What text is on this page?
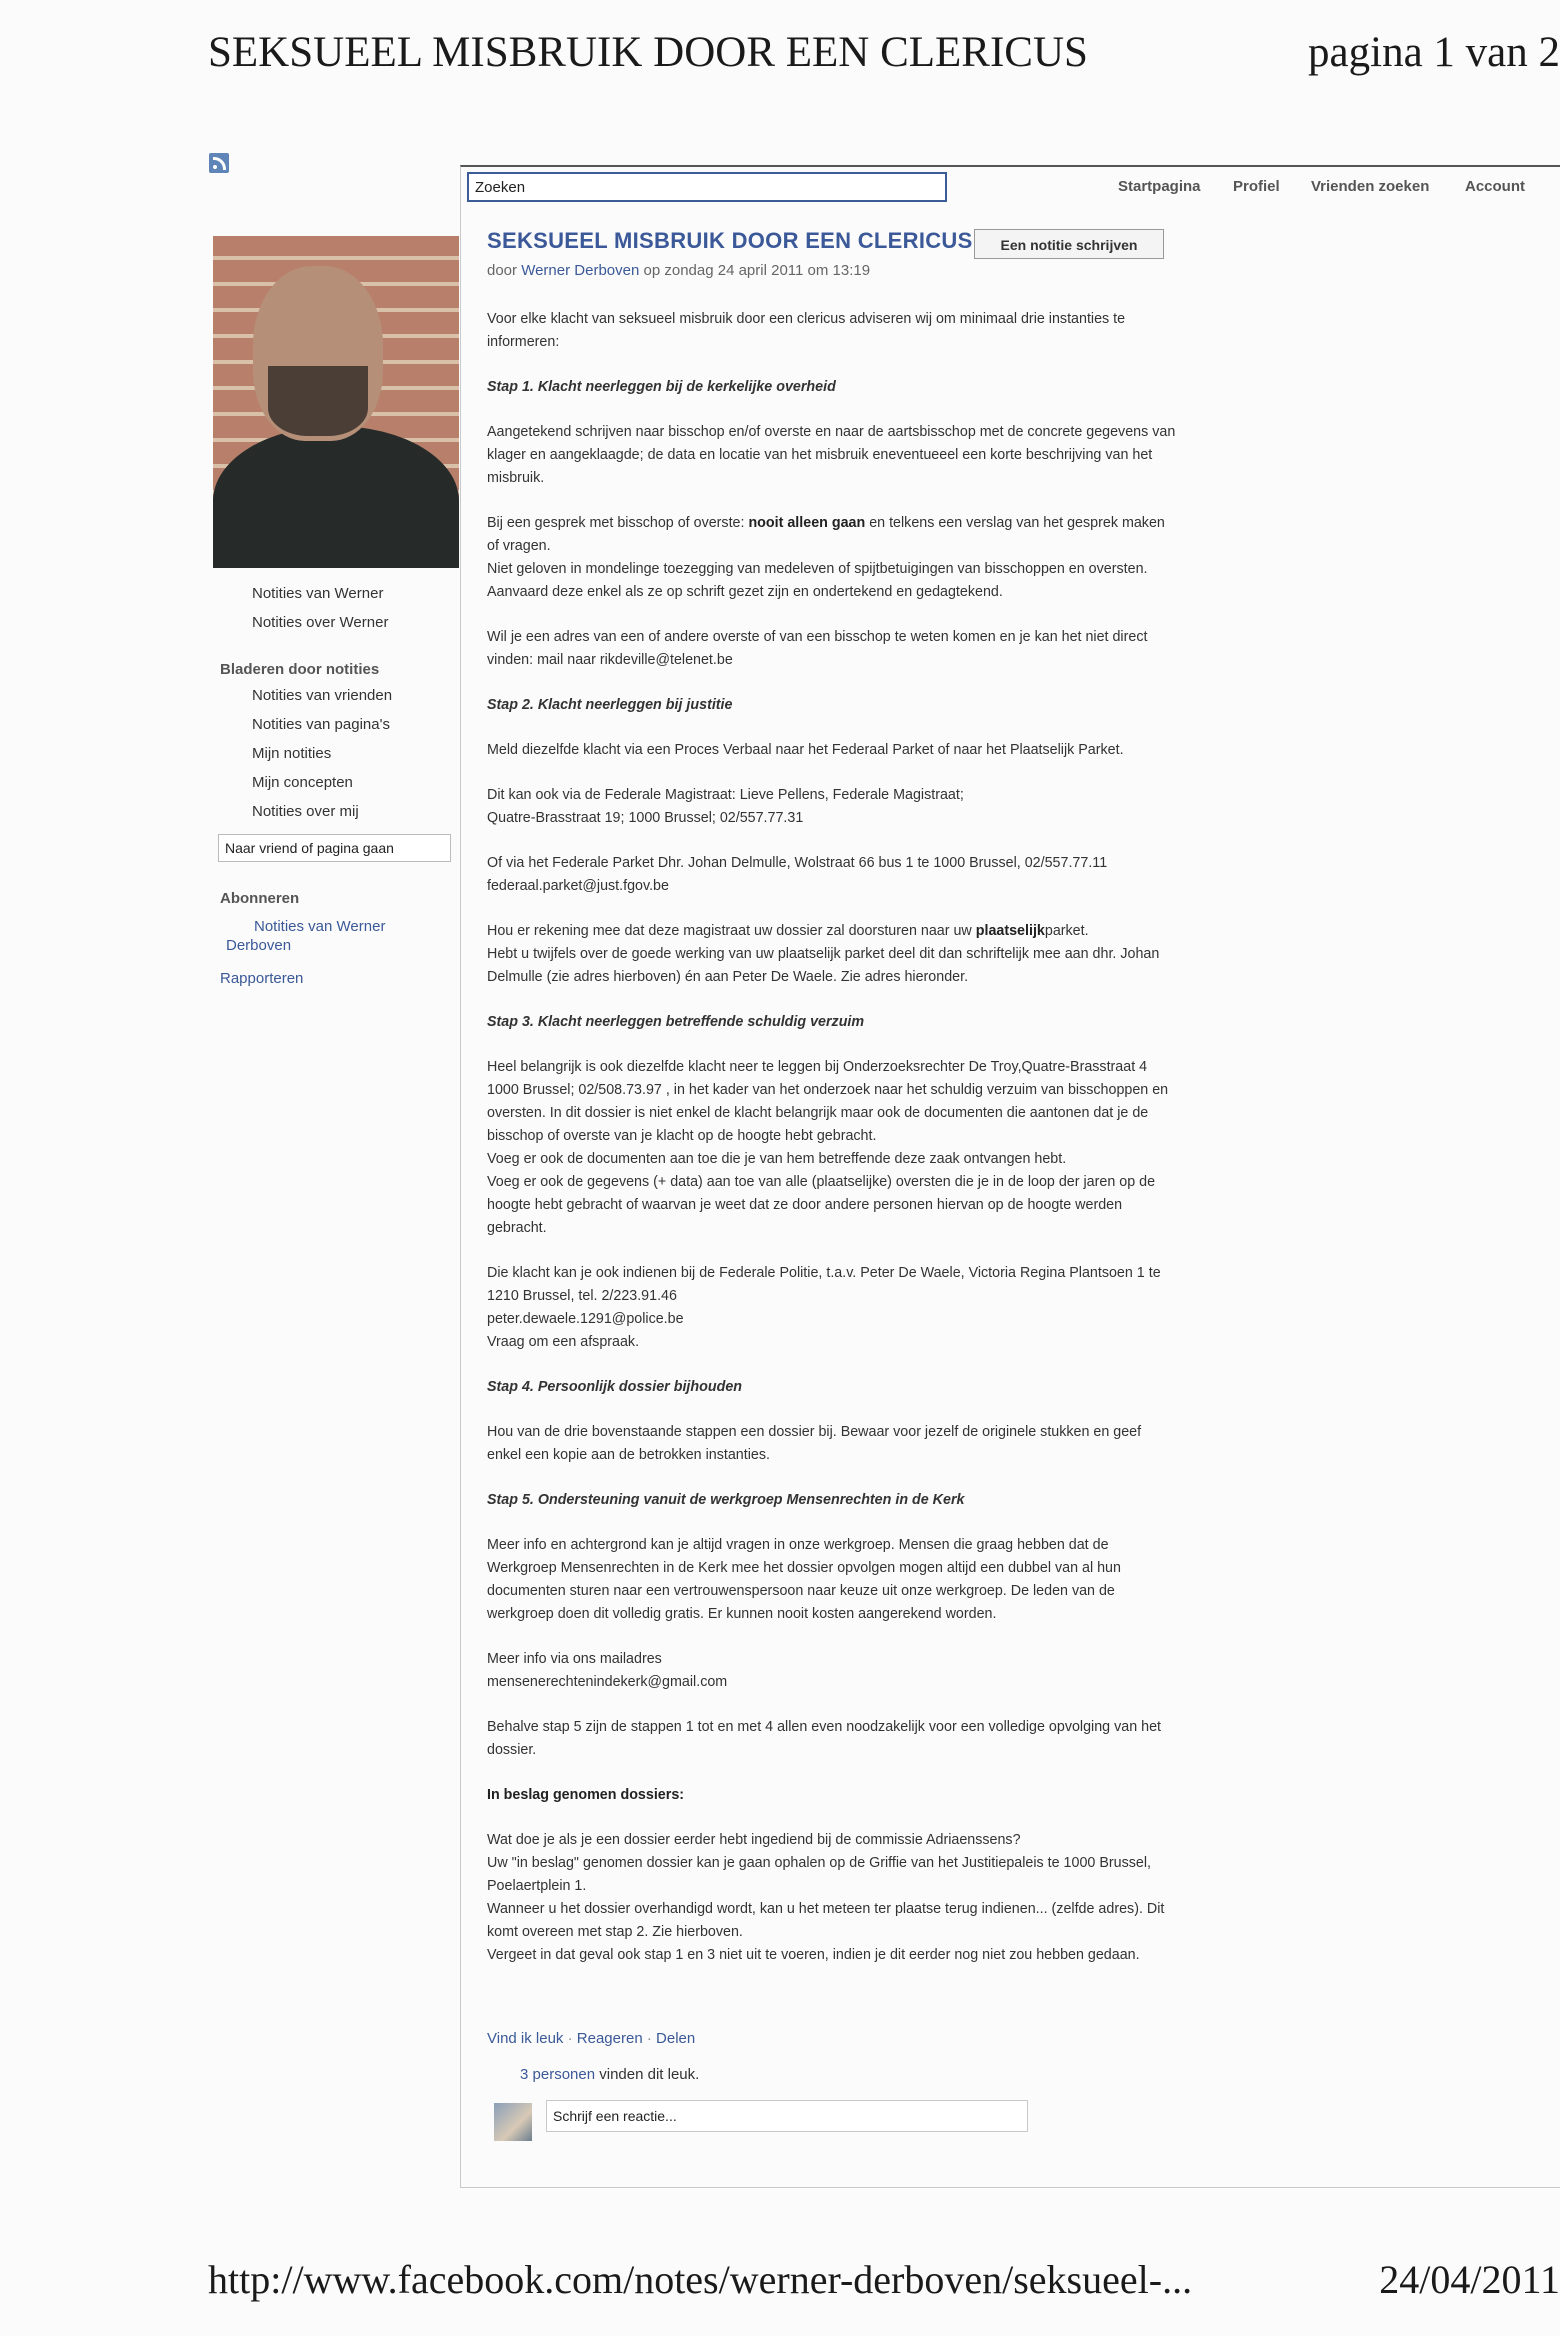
SEKSUEEL MISBRUIK DOOR EEN CLERICUS	pagina 1 van 2
Zoeken
Startpagina Profiel Vrienden zoeken Account
Notities van Werner
Notities over Werner
Bladeren door notities
Notities van vrienden
Notities van pagina's
Mijn notities
Mijn concepten
Notities over mij
Naar vriend of pagina gaan
Abonneren
Notities van Werner
Derboven
Rapporteren
SEKSUEEL MISBRUIK DOOR EEN CLERICUS	Een notitie schrijven
door Werner Derboven op zondag 24 april 2011 om 13:19

Voor elke klacht van seksueel misbruik door een clericus adviseren wij om minimaal drie instanties te informeren:

Stap 1. Klacht neerleggen bij de kerkelijke overheid

Aangetekend schrijven naar bisschop en/of overste en naar de aartsbisschop met de concrete gegevens van klager en aangeklaagde; de data en locatie van het misbruik eneventueeel een korte beschrijving van het misbruik.

Bij een gesprek met bisschop of overste: nooit alleen gaan en telkens een verslag van het gesprek maken of vragen.
Niet geloven in mondelinge toezegging van medeleven of spijtbetuigingen van bisschoppen en oversten. Aanvaard deze enkel als ze op schrift gezet zijn en ondertekend en gedagtekend.

Wil je een adres van een of andere overste of van een bisschop te weten komen en je kan het niet direct vinden: mail naar rikdeville@telenet.be

Stap 2. Klacht neerleggen bij justitie

Meld diezelfde klacht via een Proces Verbaal naar het Federaal Parket of naar het Plaatselijk Parket.

Dit kan ook via de Federale Magistraat: Lieve Pellens, Federale Magistraat;
Quatre-Brasstraat 19; 1000 Brussel; 02/557.77.31

Of via het Federale Parket Dhr. Johan Delmulle, Wolstraat 66 bus 1 te 1000 Brussel, 02/557.77.11
federaal.parket@just.fgov.be

Hou er rekening mee dat deze magistraat uw dossier zal doorsturen naar uw plaatselijkparket.
Hebt u twijfels over de goede werking van uw plaatselijk parket deel dit dan schriftelijk mee aan dhr. Johan Delmulle (zie adres hierboven) én aan Peter De Waele. Zie adres hieronder.

Stap 3. Klacht neerleggen betreffende schuldig verzuim

Heel belangrijk is ook diezelfde klacht neer te leggen bij Onderzoeksrechter De Troy,Quatre-Brasstraat 4 1000 Brussel; 02/508.73.97 , in het kader van het onderzoek naar het schuldig verzuim van bisschoppen en oversten. In dit dossier is niet enkel de klacht belangrijk maar ook de documenten die aantonen dat je de bisschop of overste van je klacht op de hoogte hebt gebracht.
Voeg er ook de documenten aan toe die je van hem betreffende deze zaak ontvangen hebt.
Voeg er ook de gegevens (+ data) aan toe van alle (plaatselijke) oversten die je in de loop der jaren op de hoogte hebt gebracht of waarvan je weet dat ze door andere personen hiervan op de hoogte werden gebracht.

Die klacht kan je ook indienen bij de Federale Politie, t.a.v. Peter De Waele, Victoria Regina Plantsoen 1 te 1210 Brussel, tel. 2/223.91.46
peter.dewaele.1291@police.be
Vraag om een afspraak.

Stap 4. Persoonlijk dossier bijhouden

Hou van de drie bovenstaande stappen een dossier bij. Bewaar voor jezelf de originele stukken en geef enkel een kopie aan de betrokken instanties.

Stap 5. Ondersteuning vanuit de werkgroep Mensenrechten in de Kerk

Meer info en achtergrond kan je altijd vragen in onze werkgroep. Mensen die graag hebben dat de Werkgroep Mensenrechten in de Kerk mee het dossier opvolgen mogen altijd een dubbel van al hun documenten sturen naar een vertrouwenspersoon naar keuze uit onze werkgroep. De leden van de werkgroep doen dit volledig gratis. Er kunnen nooit kosten aangerekend worden.

Meer info via ons mailadres
mensenerechtenindekerk@gmail.com

Behalve stap 5 zijn de stappen 1 tot en met 4 allen even noodzakelijk voor een volledige opvolging van het dossier.

In beslag genomen dossiers:

Wat doe je als je een dossier eerder hebt ingediend bij de commissie Adriaenssens?
Uw "in beslag" genomen dossier kan je gaan ophalen op de Griffie van het Justitiepaleis te 1000 Brussel, Poelaertplein 1.
Wanneer u het dossier overhandigd wordt, kan u het meteen ter plaatse terug indienen... (zelfde adres). Dit komt overeen met stap 2. Zie hierboven.
Vergeet in dat geval ook stap 1 en 3 niet uit te voeren, indien je dit eerder nog niet zou hebben gedaan.

Vind ik leuk · Reageren · Delen
3 personen vinden dit leuk.
Schrijf een reactie...
http://www.facebook.com/notes/werner-derboven/seksueel-...	24/04/2011
